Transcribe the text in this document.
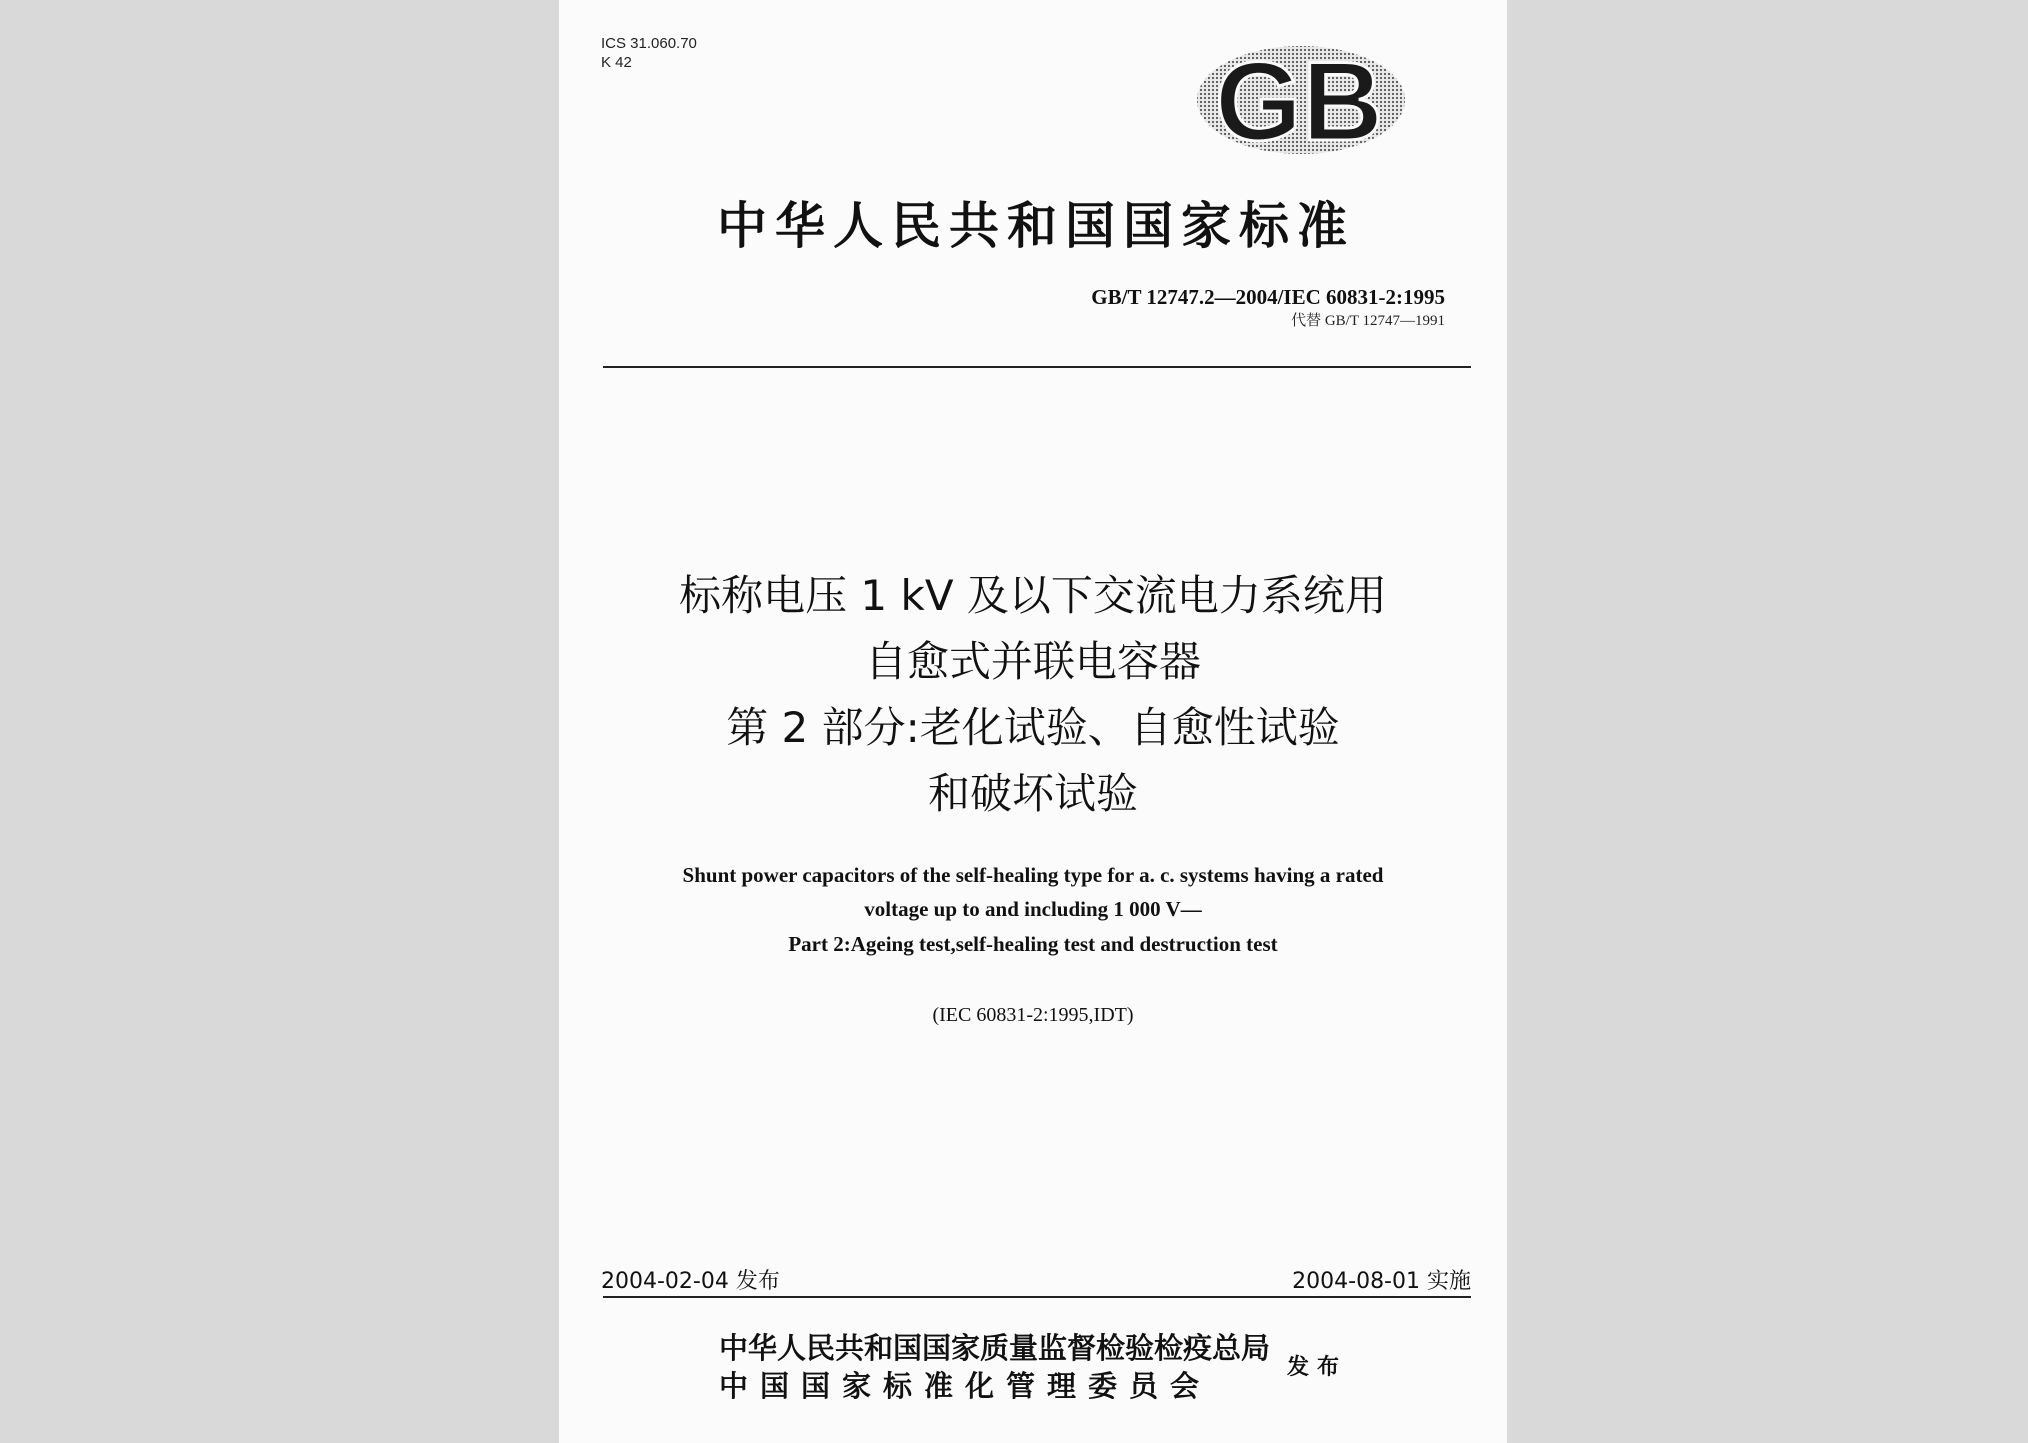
ICS 31.060.70
K 42	GB
中华人民共和国国家标准
GB/T 12747.2—2004/IEC 60831-2:1995
代替 GB/T 12747—1991
标称电压 1 kV 及以下交流电力系统用
自愈式并联电容器
第 2 部分:老化试验、自愈性试验
和破坏试验
Shunt power capacitors of the self-healing type for a. c. systems having a rated
voltage up to and including 1 000 V—
Part 2:Ageing test,self-healing test and destruction test
(IEC 60831-2:1995,IDT)
2004-02-04 发布	2004-08-01 实施
中华人民共和国国家质量监督检验检疫总局
中国国家标准化管理委员会
发布
